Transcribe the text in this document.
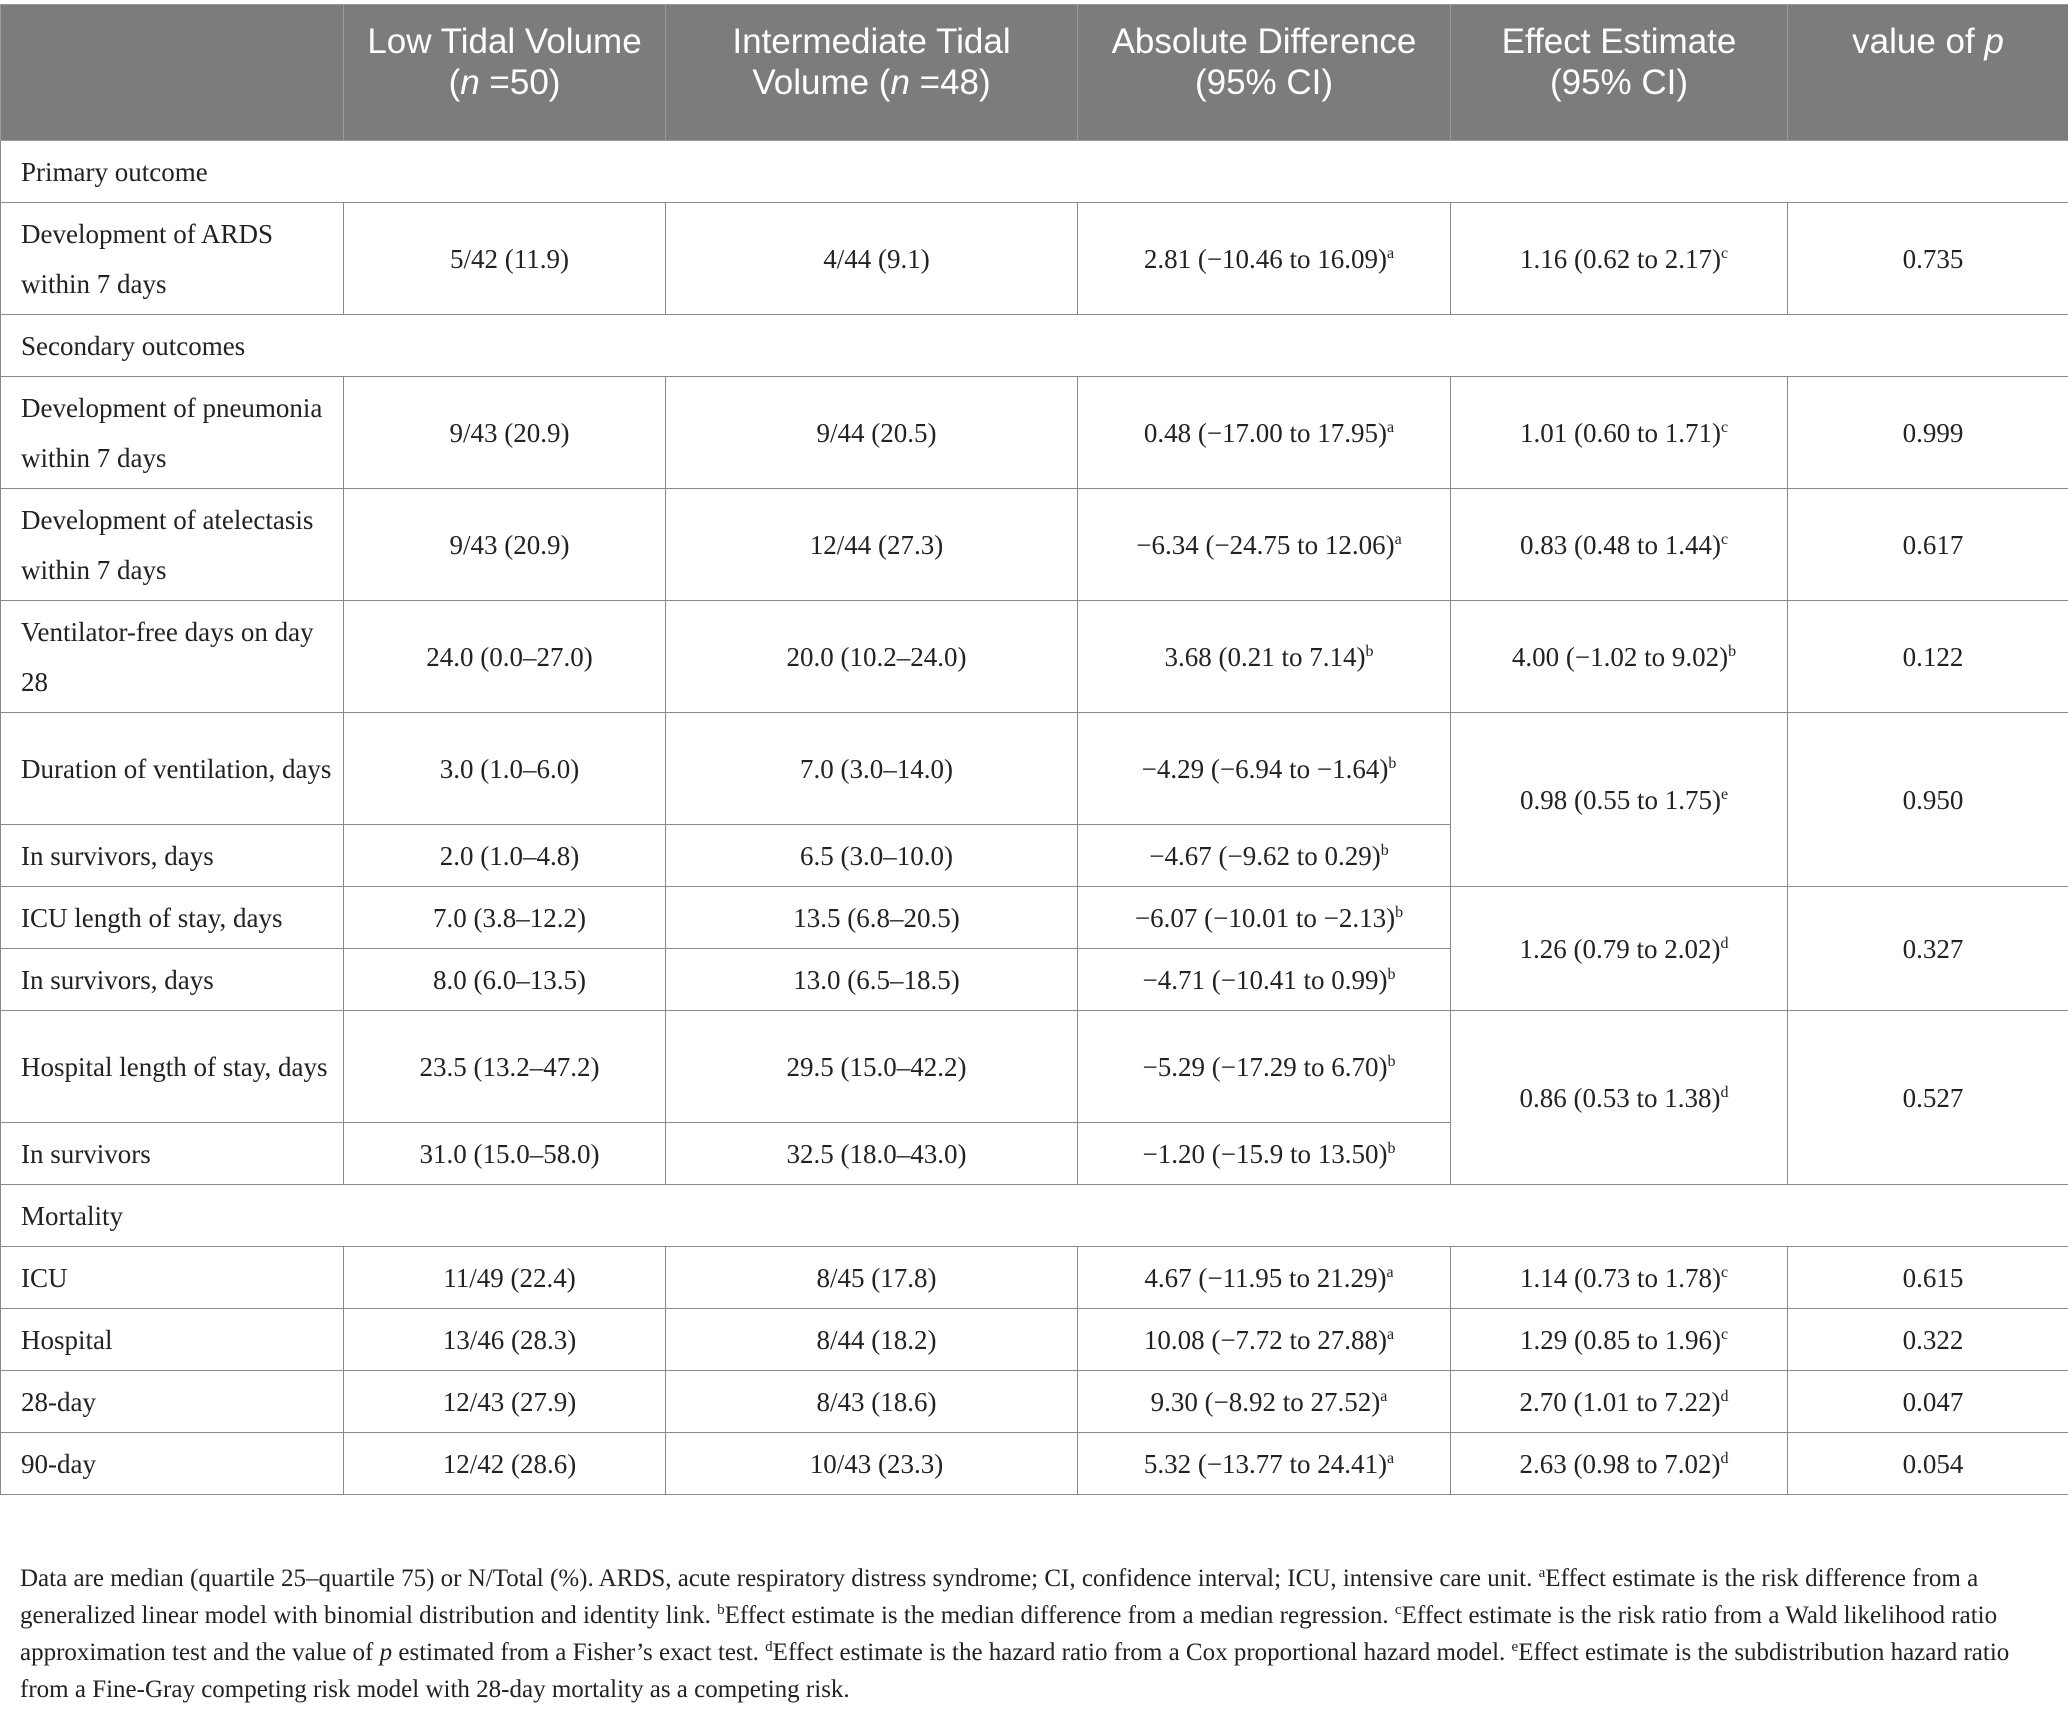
	Low Tidal Volume (n =50)	Intermediate Tidal Volume (n =48)	Absolute Difference (95% CI)	Effect Estimate (95% CI)	value of p
Primary outcome					
Development of ARDS within 7 days	5/42 (11.9)	4/44 (9.1)	2.81 (−10.46 to 16.09)$^a$	1.16 (0.62 to 2.17)$^c$	0.735
Secondary outcomes					
Development of pneumonia within 7 days	9/43 (20.9)	9/44 (20.5)	0.48 (−17.00 to 17.95)$^a$	1.01 (0.60 to 1.71)$^c$	0.999
Development of atelectasis within 7 days	9/43 (20.9)	12/44 (27.3)	−6.34 (−24.75 to 12.06)$^a$	0.83 (0.48 to 1.44)$^c$	0.617
Ventilator-free days on day 28	24.0 (0.0–27.0)	20.0 (10.2–24.0)	3.68 (0.21 to 7.14)$^b$	4.00 (−1.02 to 9.02)$^b$	0.122
Duration of ventilation, days	3.0 (1.0–6.0)	7.0 (3.0–14.0)	−4.29 (−6.94 to −1.64)$^b$	0.98 (0.55 to 1.75)$^e$	0.950
In survivors, days	2.0 (1.0–4.8)	6.5 (3.0–10.0)	−4.67 (−9.62 to 0.29)$^b$
ICU length of stay, days	7.0 (3.8–12.2)	13.5 (6.8–20.5)	−6.07 (−10.01 to −2.13)$^b$	1.26 (0.79 to 2.02)$^d$	0.327
In survivors, days	8.0 (6.0–13.5)	13.0 (6.5–18.5)	−4.71 (−10.41 to 0.99)$^b$
Hospital length of stay, days	23.5 (13.2–47.2)	29.5 (15.0–42.2)	−5.29 (−17.29 to 6.70)$^b$	0.86 (0.53 to 1.38)$^d$	0.527
In survivors	31.0 (15.0–58.0)	32.5 (18.0–43.0)	−1.20 (−15.9 to 13.50)$^b$
Mortality					
ICU	11/49 (22.4)	8/45 (17.8)	4.67 (−11.95 to 21.29)$^a$	1.14 (0.73 to 1.78)$^c$	0.615
Hospital	13/46 (28.3)	8/44 (18.2)	10.08 (−7.72 to 27.88)$^a$	1.29 (0.85 to 1.96)$^c$	0.322
28-day	12/43 (27.9)	8/43 (18.6)	9.30 (−8.92 to 27.52)$^a$	2.70 (1.01 to 7.22)$^d$	0.047
90-day	12/42 (28.6)	10/43 (23.3)	5.32 (−13.77 to 24.41)$^a$	2.63 (0.98 to 7.02)$^d$	0.054

Data are median (quartile 25–quartile 75) or N/Total (%). ARDS, acute respiratory distress syndrome; CI, confidence interval; ICU, intensive care unit. $^a$Effect estimate is the risk difference from a generalized linear model with binomial distribution and identity link. $^b$Effect estimate is the median difference from a median regression. $^c$Effect estimate is the risk ratio from a Wald likelihood ratio approximation test and the value of p estimated from a Fisher’s exact test. $^d$Effect estimate is the hazard ratio from a Cox proportional hazard model. $^e$Effect estimate is the subdistribution hazard ratio from a Fine-Gray competing risk model with 28-day mortality as a competing risk.
